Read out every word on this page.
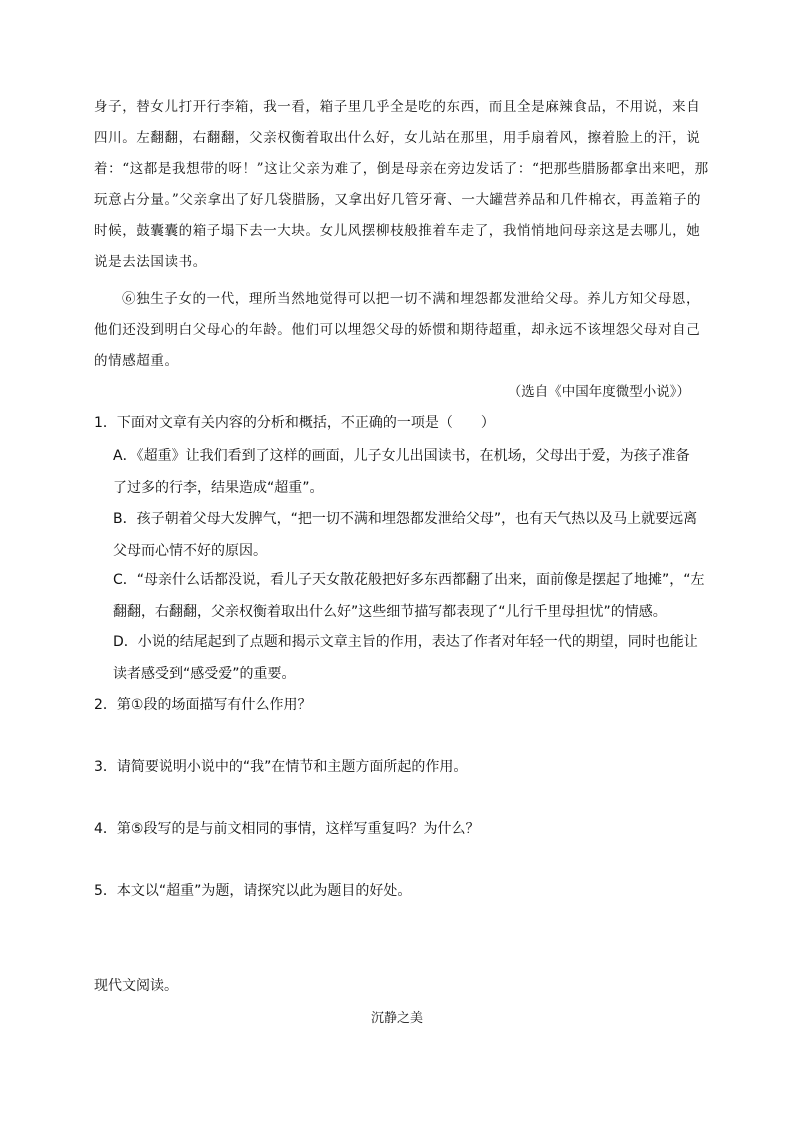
身子，替女儿打开行李箱，我一看，箱子里几乎全是吃的东西，而且全是麻辣食品，不用说，来自
四川。左翻翻，右翻翻，父亲权衡着取出什么好，女儿站在那里，用手扇着风，擦着脸上的汗，说
着：“这都是我想带的呀！”这让父亲为难了，倒是母亲在旁边发话了：“把那些腊肠都拿出来吧，那
玩意占分量。”父亲拿出了好几袋腊肠，又拿出好几管牙膏、一大罐营养品和几件棉衣，再盖箱子的
时候，鼓囊囊的箱子塌下去一大块。女儿风摆柳枝般推着车走了，我悄悄地问母亲这是去哪儿，她
说是去法国读书。
⑥独生子女的一代，理所当然地觉得可以把一切不满和埋怨都发泄给父母。养儿方知父母恩，
他们还没到明白父母心的年龄。他们可以埋怨父母的娇惯和期待超重，却永远不该埋怨父母对自己
的情感超重。
（选自《中国年度微型小说》）
1．下面对文章有关内容的分析和概括，不正确的一项是（　　）
A．《超重》让我们看到了这样的画面，儿子女儿出国读书，在机场，父母出于爱，为孩子准备
了过多的行李，结果造成“超重”。
B．孩子朝着父母大发脾气，“把一切不满和埋怨都发泄给父母”，也有天气热以及马上就要远离
父母而心情不好的原因。
C．“母亲什么话都没说，看儿子天女散花般把好多东西都翻了出来，面前像是摆起了地摊”，“左
翻翻，右翻翻，父亲权衡着取出什么好”这些细节描写都表现了“儿行千里母担忧”的情感。
D．小说的结尾起到了点题和揭示文章主旨的作用，表达了作者对年轻一代的期望，同时也能让
读者感受到“感受爱”的重要。
2．第①段的场面描写有什么作用？
3．请简要说明小说中的“我”在情节和主题方面所起的作用。
4．第⑤段写的是与前文相同的事情，这样写重复吗？为什么？
5．本文以“超重”为题，请探究以此为题目的好处。
现代文阅读。
沉静之美
